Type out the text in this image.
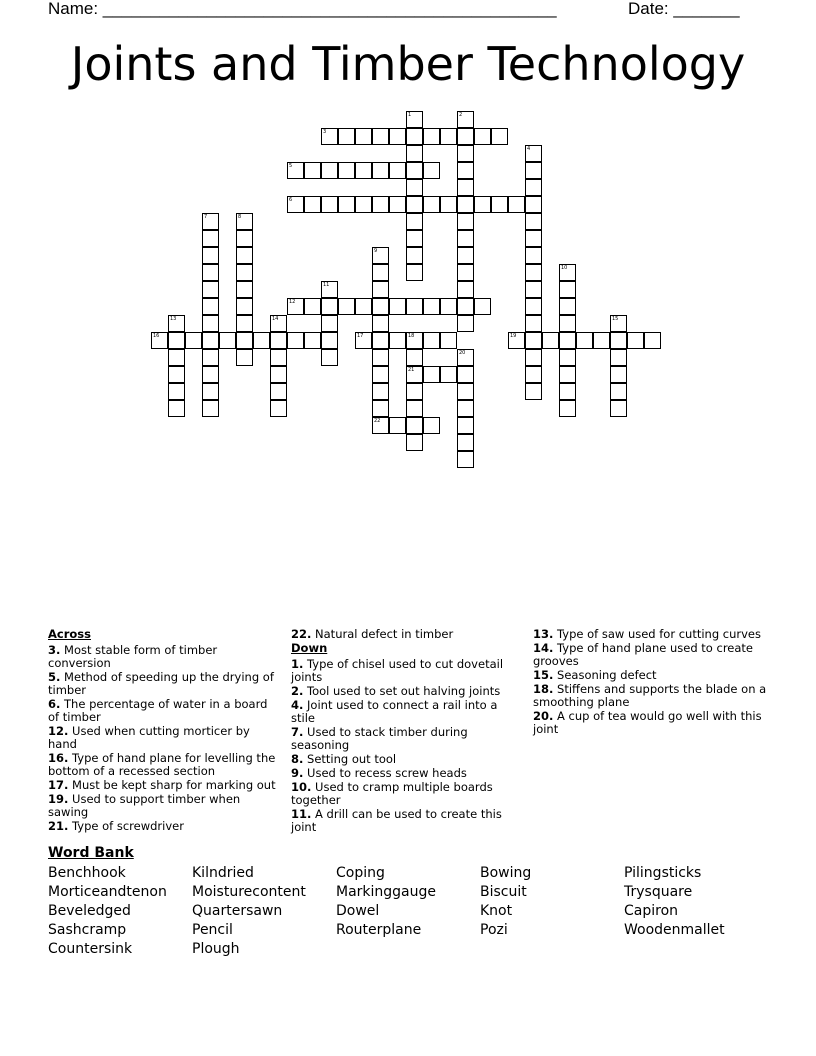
Name: ________________________________________________	Date: _______
Joints and Timber Technology
1	2
3
4
5
6
7	8
9
22
10
11
12
13	14	15
16	17	18
21
19
20
Across
3. Most stable form of timber conversion
5. Method of speeding up the drying of timber
6. The percentage of water in a board of timber
12. Used when cutting morticer by hand
16. Type of hand plane for levelling the bottom of a recessed section
17. Must be kept sharp for marking out
19. Used to support timber when sawing
21. Type of screwdriver
22. Natural defect in timber
Down
1. Type of chisel used to cut dovetail joints
2. Tool used to set out halving joints
4. Joint used to connect a rail into a stile
7. Used to stack timber during seasoning
8. Setting out tool
9. Used to recess screw heads
10. Used to cramp multiple boards together
11. A drill can be used to create this joint
13. Type of saw used for cutting curves
14. Type of hand plane used to create grooves
15. Seasoning defect
18. Stiffens and supports the blade on a smoothing plane
20. A cup of tea would go well with this joint
Word Bank
Benchhook	Kilndried	Coping	Bowing	Pilingsticks
Morticeandtenon	Moisturecontent	Markinggauge	Biscuit	Trysquare
Beveledged	Quartersawn	Dowel	Knot	Capiron
Sashcramp	Pencil	Routerplane	Pozi	Woodenmallet
Countersink	Plough
